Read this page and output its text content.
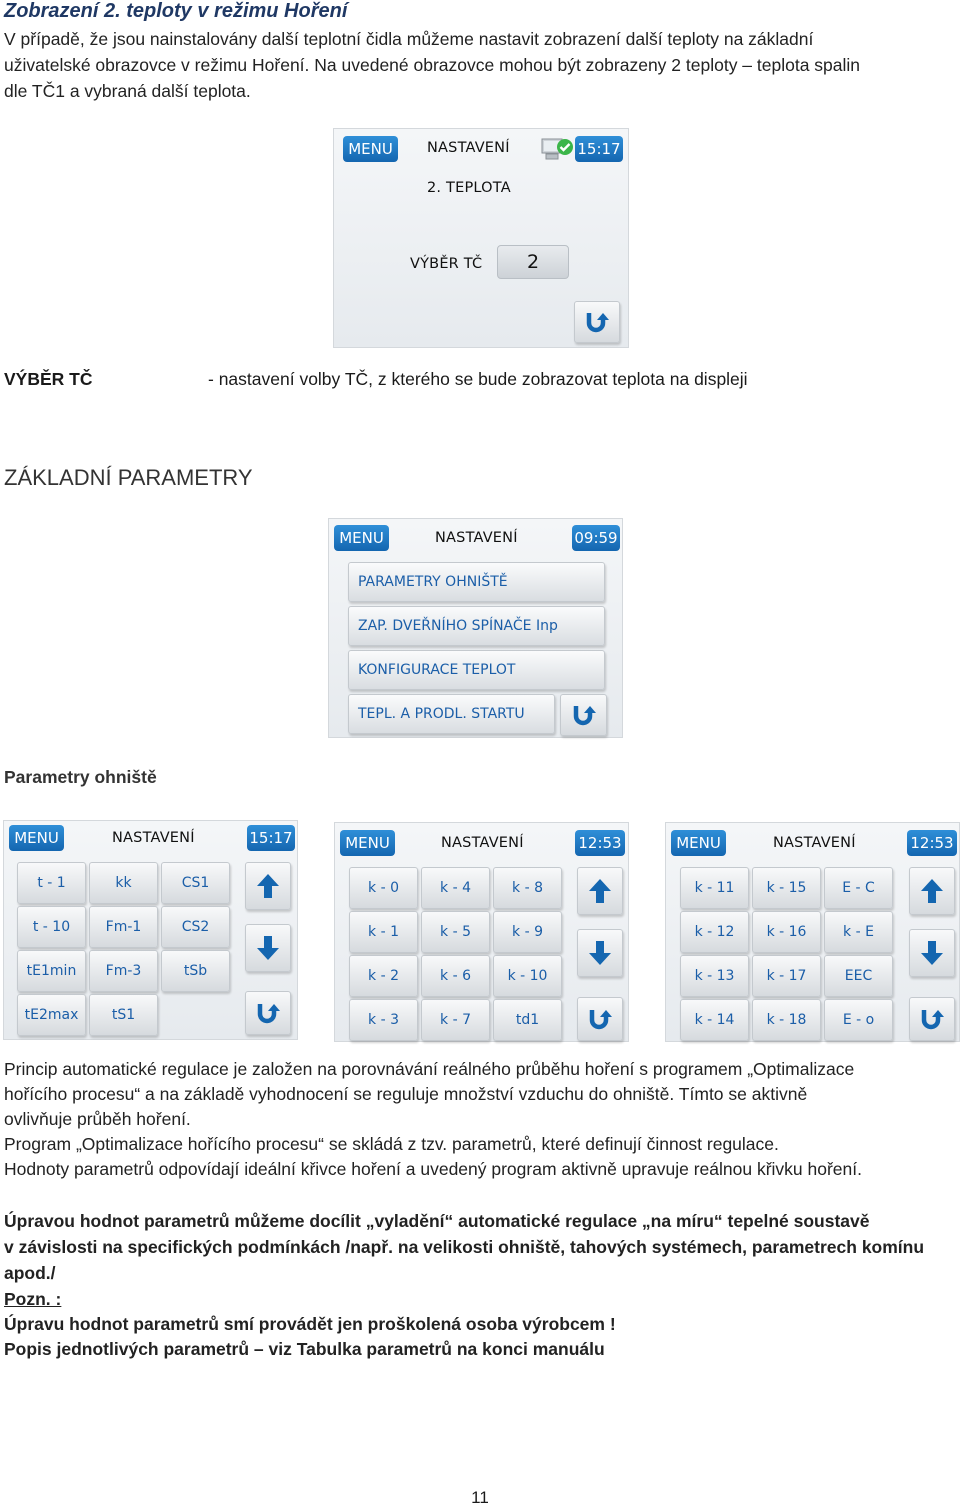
Zobrazení 2. teploty v režimu Hoření
V případě, že jsou nainstalovány další teplotní čidla můžeme nastavit zobrazení další teploty na základní
uživatelské obrazovce v režimu Hoření. Na uvedené obrazovce mohou být zobrazeny 2 teploty – teplota spalin
dle TČ1 a vybraná další teplota.
MENU	NASTAVENÍ	15:17
2. TEPLOTA
VÝBĚR TČ	2
VÝBĚR TČ	- nastavení volby TČ, z kterého se bude zobrazovat teplota na displeji
ZÁKLADNÍ PARAMETRY
MENU	NASTAVENÍ	09:59
PARAMETRY OHNIŠTĚ
ZAP. DVEŘNÍHO SPÍNAČE Inp
KONFIGURACE TEPLOT
TEPL. A PRODL. STARTU
Parametry ohniště
MENU	NASTAVENÍ	15:17
t - 1	kk	CS1
t - 10	Fm-1	CS2
tE1min	Fm-3	tSb
tE2max	tS1
MENU	NASTAVENÍ	12:53
k - 0	k - 4	k - 8
k - 1	k - 5	k - 9
k - 2	k - 6	k - 10
k - 3	k - 7	td1
MENU	NASTAVENÍ	12:53
k - 11	k - 15	E - C
k - 12	k - 16	k - E
k - 13	k - 17	EEC
k - 14	k - 18	E - o
Princip automatické regulace je založen na porovnávání reálného průběhu hoření s programem „Optimalizace
hořícího procesu“ a na základě vyhodnocení se reguluje množství vzduchu do ohniště. Tímto se aktivně
ovlivňuje průběh hoření.
Program „Optimalizace hořícího procesu“ se skládá z tzv. parametrů, které definují činnost regulace.
Hodnoty parametrů odpovídají ideální křivce hoření a uvedený program aktivně upravuje reálnou křivku hoření.
Úpravou hodnot parametrů můžeme docílit „vyladění“ automatické regulace „na míru“ tepelné soustavě
v závislosti na specifických podmínkách /např. na velikosti ohniště, tahových systémech, parametrech komínu
apod./
Pozn. :
Úpravu hodnot parametrů smí provádět jen proškolená osoba výrobcem !
Popis jednotlivých parametrů – viz Tabulka parametrů na konci manuálu
11
